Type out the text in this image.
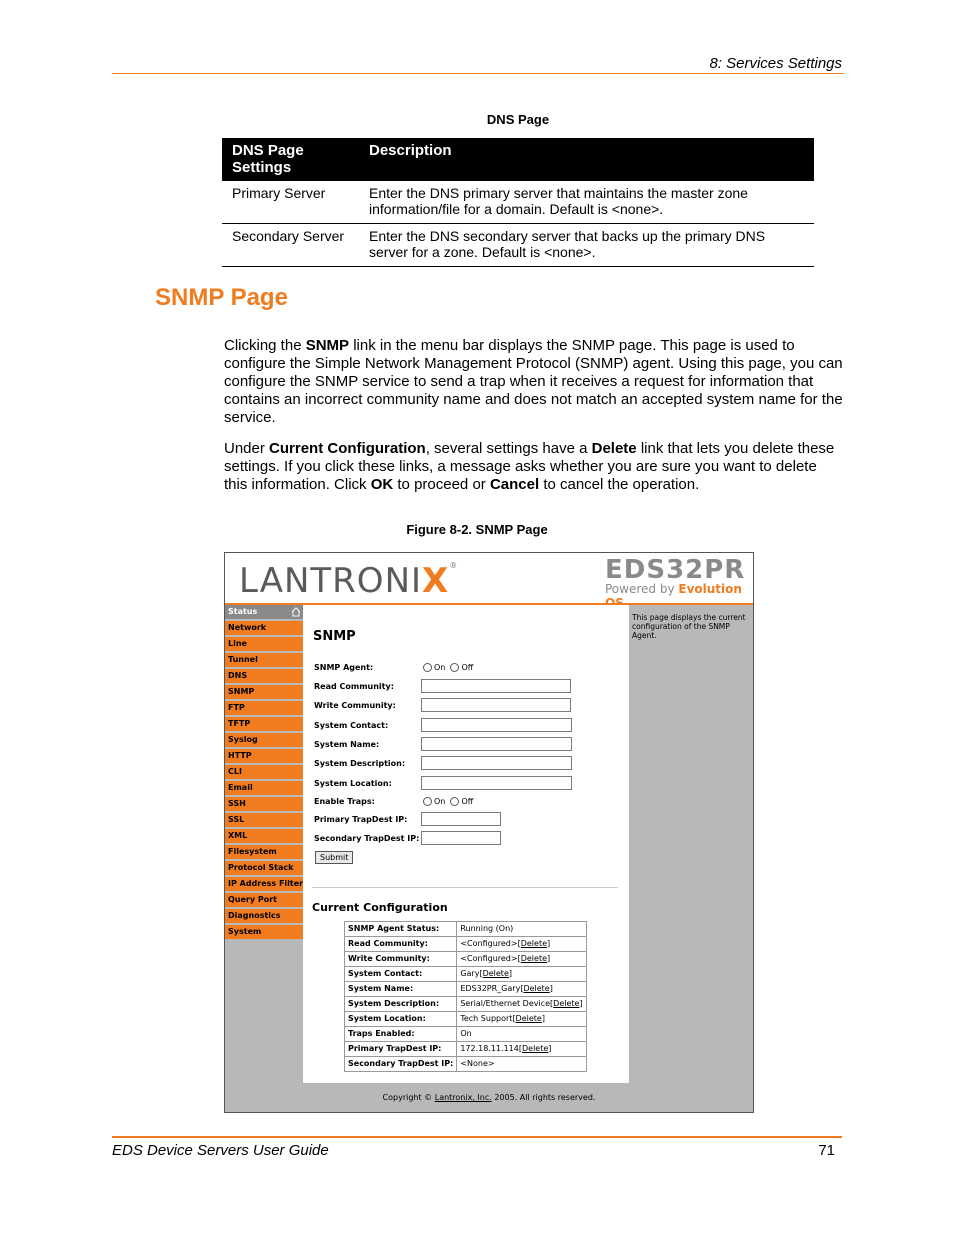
8: Services Settings
DNS Page
DNS Page Settings	Description
Primary Server	Enter the DNS primary server that maintains the master zone information/file for a domain. Default is <none>.
Secondary Server	Enter the DNS secondary server that backs up the primary DNS server for a zone. Default is <none>.
SNMP Page
Clicking the SNMP link in the menu bar displays the SNMP page. This page is used to configure the Simple Network Management Protocol (SNMP) agent. Using this page, you can configure the SNMP service to send a trap when it receives a request for information that contains an incorrect community name and does not match an accepted system name for the service.
Under Current Configuration, several settings have a Delete link that lets you delete these settings. If you click these links, a message asks whether you are sure you want to delete this information. Click OK to proceed or Cancel to cancel the operation.
Figure 8-2. SNMP Page
LANTRONIX®	EDS32PR
Powered by Evolution
Status
Network
Line
Tunnel
DNS
SNMP
FTP
TFTP
Syslog
HTTP
CLI
Email
SSH
SSL
XML
Filesystem
Protocol Stack
IP Address Filter
Query Port
Diagnostics
System
SNMP
SNMP Agent:	On Off
Read Community:
Write Community:
System Contact:
System Name:
System Description:
System Location:
Enable Traps:	On Off
Primary TrapDest IP:
Secondary TrapDest IP:
Submit
Current Configuration
SNMP Agent Status:	Running (On)
Read Community:	<Configured>[Delete]
Write Community:	<Configured>[Delete]
System Contact:	Gary[Delete]
System Name:	EDS32PR_Gary[Delete]
System Description:	Serial/Ethernet Device[Delete]
System Location:	Tech Support[Delete]
Traps Enabled:	On
Primary TrapDest IP:	172.18.11.114[Delete]
Secondary TrapDest IP:	<None>
This page displays the current configuration of the SNMP Agent.
Copyright © Lantronix, Inc. 2005. All rights reserved.
EDS Device Servers User Guide	71
